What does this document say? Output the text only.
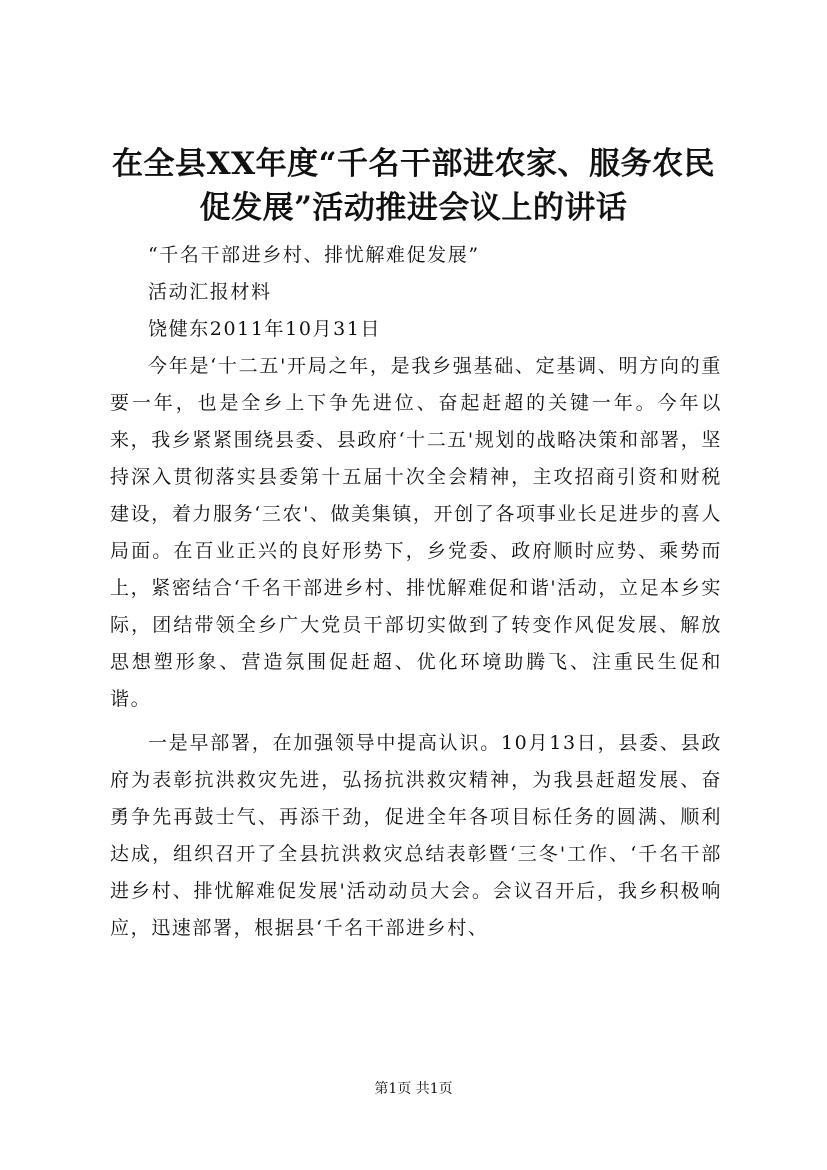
在全县XX年度“千名干部进农家、服务农民
促发展”活动推进会议上的讲话

“千名干部进乡村、排忧解难促发展”

活动汇报材料

饶健东2011年10月31日

今年是‘十二五'开局之年，是我乡强基础、定基调、明方向的重要一年，也是全乡上下争先进位、奋起赶超的关键一年。今年以来，我乡紧紧围绕县委、县政府‘十二五'规划的战略决策和部署，坚持深入贯彻落实县委第十五届十次全会精神，主攻招商引资和财税建设，着力服务‘三农'、做美集镇，开创了各项事业长足进步的喜人局面。在百业正兴的良好形势下，乡党委、政府顺时应势、乘势而上，紧密结合‘千名干部进乡村、排忧解难促和谐'活动，立足本乡实际，团结带领全乡广大党员干部切实做到了转变作风促发展、解放思想塑形象、营造氛围促赶超、优化环境助腾飞、注重民生促和谐。

一是早部署，在加强领导中提高认识。10月13日，县委、县政府为表彰抗洪救灾先进，弘扬抗洪救灾精神，为我县赶超发展、奋勇争先再鼓士气、再添干劲，促进全年各项目标任务的圆满、顺利达成，组织召开了全县抗洪救灾总结表彰暨‘三冬'工作、‘千名干部进乡村、排忧解难促发展'活动动员大会。会议召开后，我乡积极响应，迅速部署，根据县‘千名干部进乡村、

第1页 共1页
